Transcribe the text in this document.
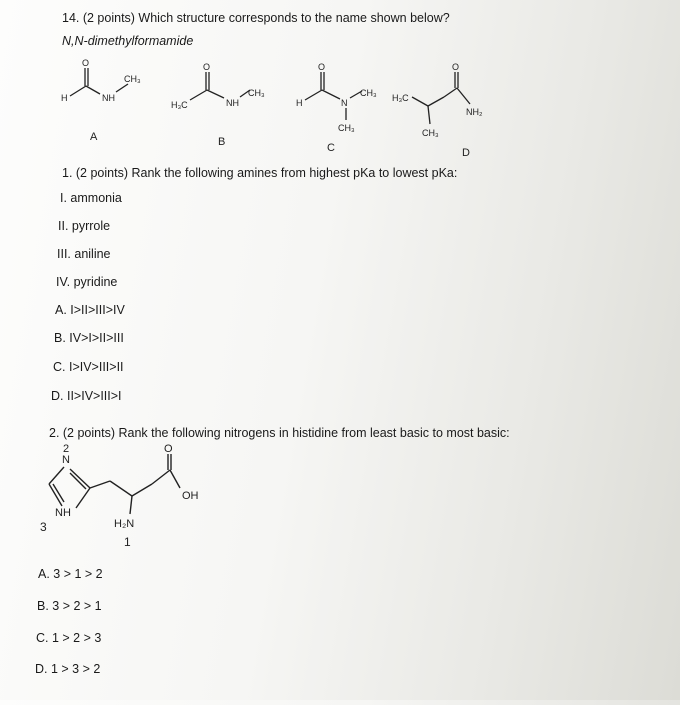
14. (2 points) Which structure corresponds to the name shown below?
N,N-dimethylformamide
O
H	NH
CH₃
O
H₃C	NH
CH₃
O
H	N
CH₃
CH₃
O
H₃C
NH₂
CH₃
A	B	C	D
1. (2 points) Rank the following amines from highest pKa to lowest pKa:
I. ammonia
II. pyrrole
III. aniline
IV. pyridine
A. I>II>III>IV
B. IV>I>II>III
C. I>IV>III>II
D. II>IV>III>I
2. (2 points) Rank the following nitrogens in histidine from least basic to most basic:
N
2
NH
3	H₂N
1
O
OH
A. 3 > 1 > 2
B. 3 > 2 > 1
C. 1 > 2 > 3
D. 1 > 3 > 2
